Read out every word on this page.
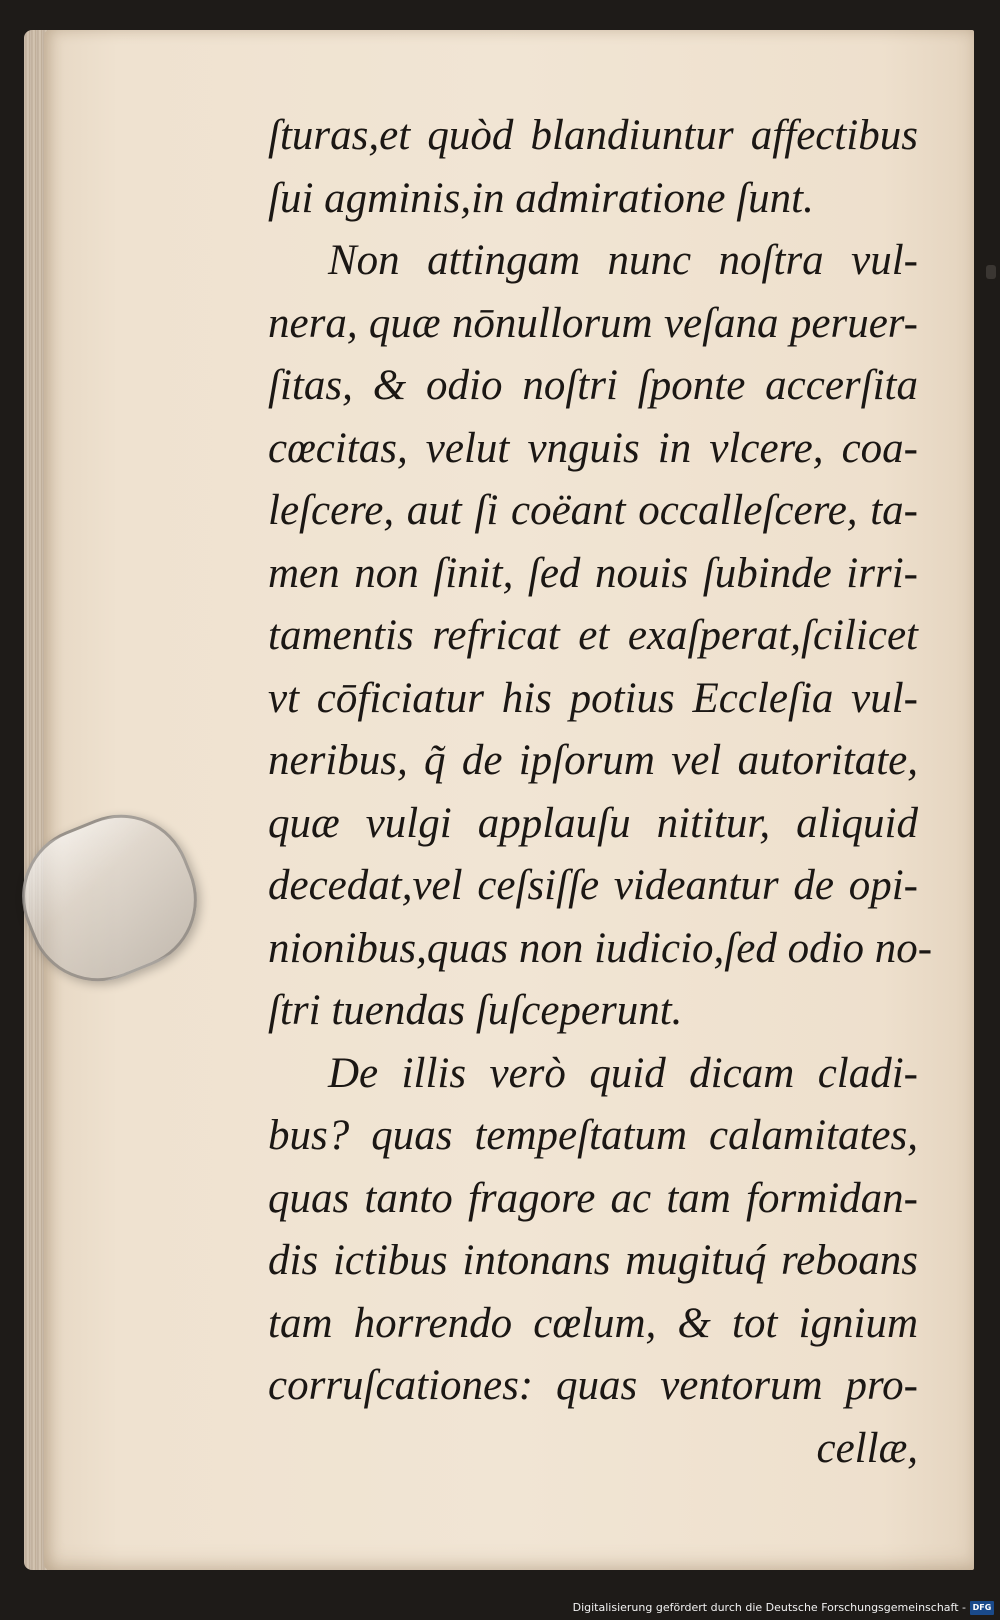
ſturas,et quòd blandiuntur affectibus
ſui agminis,in admiratione ſunt.
Non attingam nunc noſtra vul-
nera, quæ nōnullorum veſana peruer-
ſitas, & odio noſtri ſponte accerſita
cœcitas, velut vnguis in vlcere, coa-
leſcere, aut ſi coëant occalleſcere, ta-
men non ſinit, ſed nouis ſubinde irri-
tamentis refricat et exaſperat,ſcilicet
vt cōficiatur his potius Eccleſia vul-
neribus, q̃ de ipſorum vel autoritate,
quæ vulgi applauſu nititur, aliquid
decedat,vel ceſsiſſe videantur de opi-
nionibus,quas non iudicio,ſed odio no-
ſtri tuendas ſuſceperunt.
De illis verò quid dicam cladi-
bus? quas tempeſtatum calamitates,
quas tanto fragore ac tam formidan-
dis ictibus intonans mugituq́ reboans
tam horrendo cœlum, & tot ignium
corruſcationes: quas ventorum pro-
cellæ,
Digitalisierung gefördert durch die Deutsche Forschungsgemeinschaft - DFG
